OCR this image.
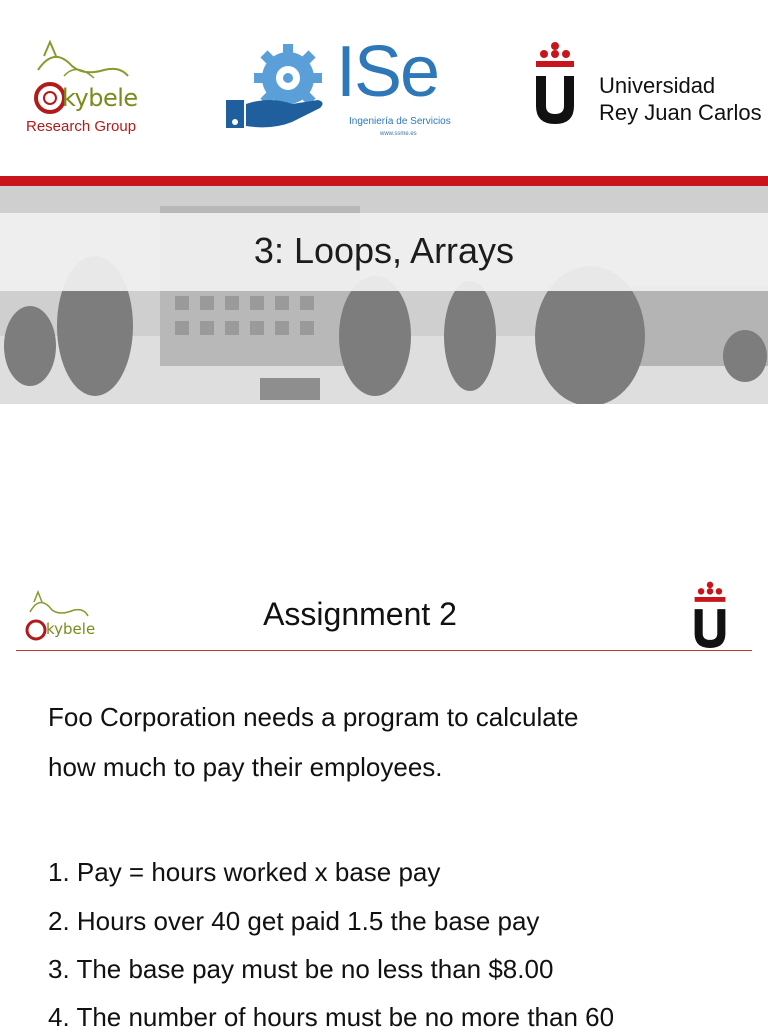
kybele
Research Group
ISe
Ingeniería de Servicios
www.ssme.es
Universidad
Rey Juan Carlos
3: Loops, Arrays
kybele	Assignment 2
Foo Corporation needs a program to calculate
how much to pay their employees.
1. Pay = hours worked x base pay
2. Hours over 40 get paid 1.5 the base pay
3. The base pay must be no less than $8.00
4. The number of hours must be no more than 60
